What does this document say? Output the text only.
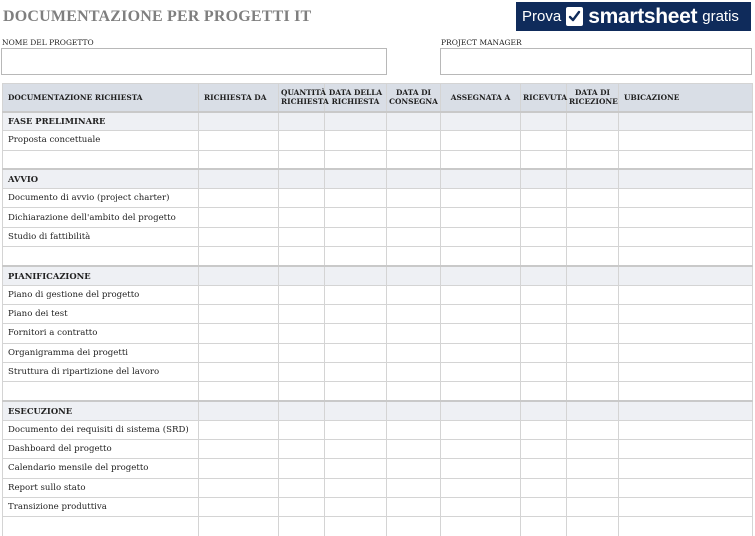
DOCUMENTAZIONE PER PROGETTI IT	Prova smartsheet gratis
NOME DEL PROGETTO	PROJECT MANAGER
DOCUMENTAZIONE RICHIESTA	RICHIESTA DA	QUANTITÀ RICHIESTA	DATA DELLA RICHIESTA	DATA DI CONSEGNA	ASSEGNATA A	RICEVUTA	DATA DI RICEZIONE	UBICAZIONE
FASE PRELIMINARE								
Proposta concettuale								

AVVIO								
Documento di avvio (project charter)								
Dichiarazione dell'ambito del progetto								
Studio di fattibilità								

PIANIFICAZIONE								
Piano di gestione del progetto								
Piano dei test								
Fornitori a contratto								
Organigramma dei progetti								
Struttura di ripartizione del lavoro								

ESECUZIONE								
Documento dei requisiti di sistema (SRD)								
Dashboard del progetto								
Calendario mensile del progetto								
Report sullo stato								
Transizione produttiva								
